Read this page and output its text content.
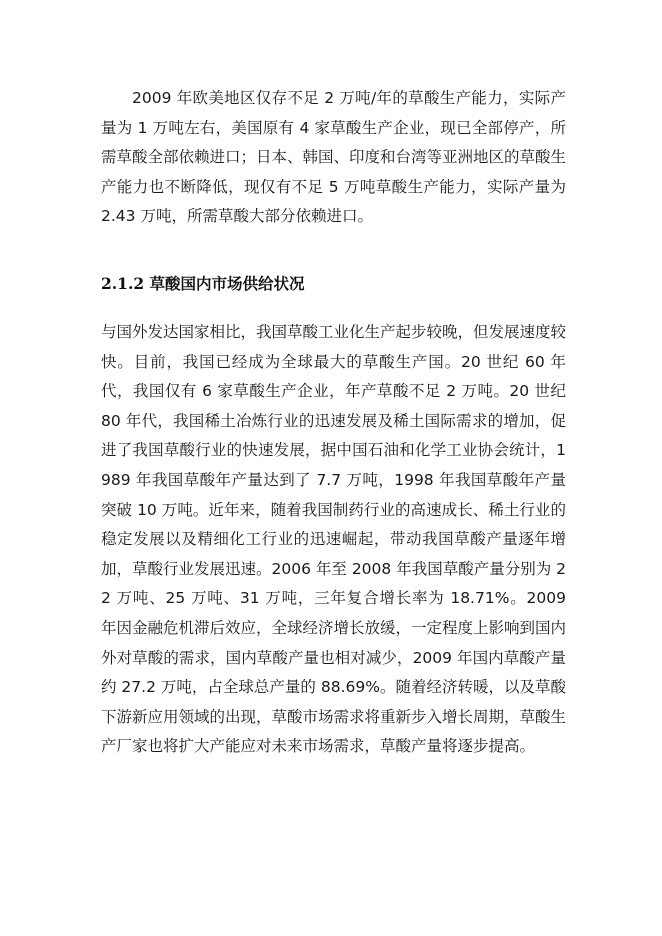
2009 年欧美地区仅存不足 2 万吨/年的草酸生产能力，实际产量为 1 万吨左右，美国原有 4 家草酸生产企业，现已全部停产，所需草酸全部依赖进口；日本、韩国、印度和台湾等亚洲地区的草酸生产能力也不断降低，现仅有不足 5 万吨草酸生产能力，实际产量为 2.43 万吨，所需草酸大部分依赖进口。

2.1.2 草酸国内市场供给状况

与国外发达国家相比，我国草酸工业化生产起步较晚，但发展速度较快。目前，我国已经成为全球最大的草酸生产国。20 世纪 60 年代，我国仅有 6 家草酸生产企业，年产草酸不足 2 万吨。20 世纪 80 年代，我国稀土冶炼行业的迅速发展及稀土国际需求的增加，促进了我国草酸行业的快速发展，据中国石油和化学工业协会统计，1989 年我国草酸年产量达到了 7.7 万吨，1998 年我国草酸年产量突破 10 万吨。近年来，随着我国制药行业的高速成长、稀土行业的稳定发展以及精细化工行业的迅速崛起，带动我国草酸产量逐年增加，草酸行业发展迅速。2006 年至 2008 年我国草酸产量分别为 22 万吨、25 万吨、31 万吨，三年复合增长率为 18.71%。2009 年因金融危机滞后效应，全球经济增长放缓，一定程度上影响到国内外对草酸的需求，国内草酸产量也相对减少，2009 年国内草酸产量约 27.2 万吨，占全球总产量的 88.69%。随着经济转暖，以及草酸下游新应用领域的出现，草酸市场需求将重新步入增长周期，草酸生产厂家也将扩大产能应对未来市场需求，草酸产量将逐步提高。
